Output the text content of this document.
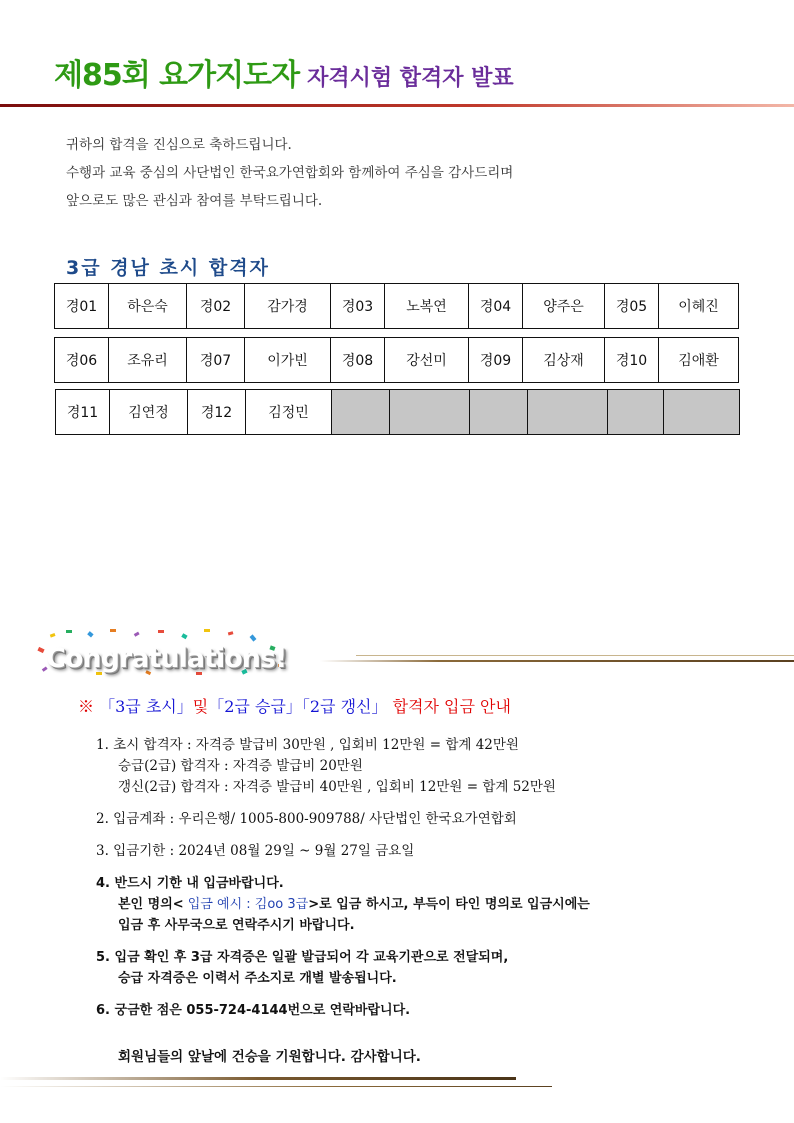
제85회 요가지도자 자격시험 합격자 발표
귀하의 합격을 진심으로 축하드립니다.
수행과 교육 중심의 사단법인 한국요가연합회와 함께하여 주심을 감사드리며
앞으로도 많은 관심과 참여를 부탁드립니다.
3급 경남 초시 합격자
경01	하은숙	경02	감가경	경03	노복연	경04	양주은	경05	이혜진
경06	조유리	경07	이가빈	경08	강선미	경09	김상재	경10	김애환
경11	김연정	경12	김정민						
Congratulations!
※ 「3급 초시」및「2급 승급」「2급 갱신」 합격자 입금 안내
1. 초시 합격자 : 자격증 발급비 30만원 , 입회비 12만원 = 합계 42만원
승급(2급) 합격자 : 자격증 발급비 20만원
갱신(2급) 합격자 : 자격증 발급비 40만원 , 입회비 12만원 = 합계 52만원
2. 입금계좌 : 우리은행/ 1005-800-909788/ 사단법인 한국요가연합회
3. 입금기한 : 2024년 08월 29일 ~ 9월 27일 금요일
4. 반드시 기한 내 입금바랍니다.
본인 명의< 입금 예시 : 김oo 3급>로 입금 하시고, 부득이 타인 명의로 입금시에는
입금 후 사무국으로 연락주시기 바랍니다.
5. 입금 확인 후 3급 자격증은 일괄 발급되어 각 교육기관으로 전달되며,
승급 자격증은 이력서 주소지로 개별 발송됩니다.
6. 궁금한 점은 055-724-4144번으로 연락바랍니다.
회원님들의 앞날에 건승을 기원합니다. 감사합니다.
